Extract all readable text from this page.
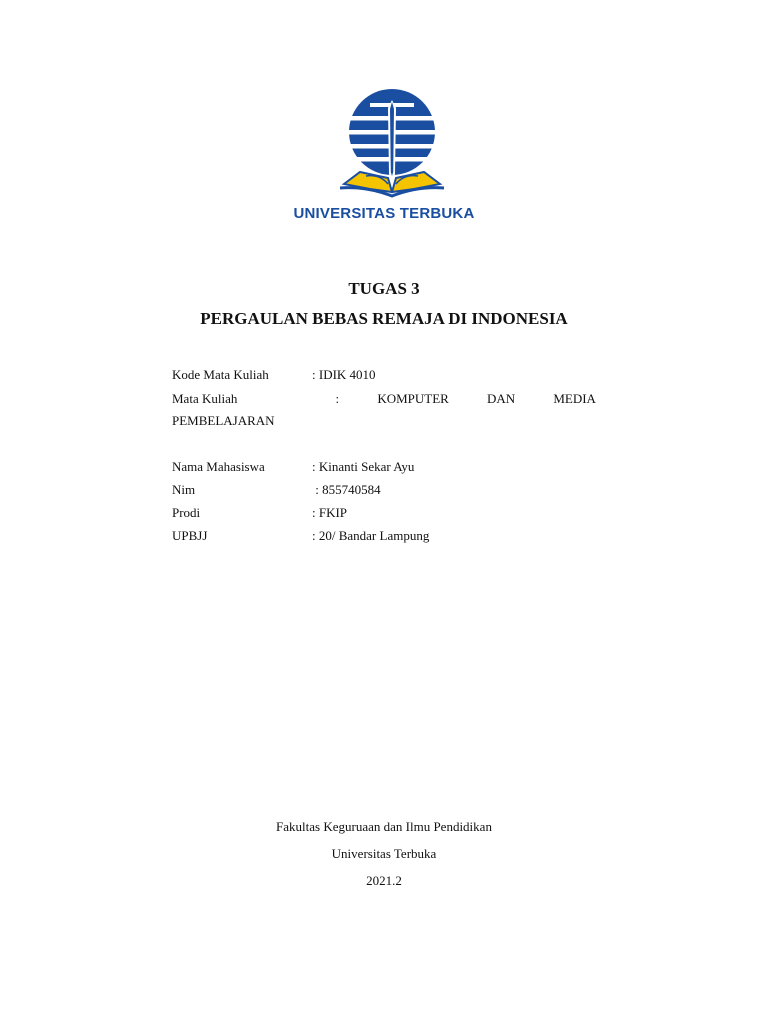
UNIVERSITAS TERBUKA
TUGAS 3
PERGAULAN BEBAS REMAJA DI INDONESIA
Kode Mata Kuliah	: IDIK 4010
Mata Kuliah	:	KOMPUTER	DAN	MEDIA
PEMBELAJARAN
Nama Mahasiswa	: Kinanti Sekar Ayu
Nim	: 855740584
Prodi	: FKIP
UPBJJ	: 20/ Bandar Lampung
Fakultas Keguruaan dan Ilmu Pendidikan
Universitas Terbuka
2021.2
